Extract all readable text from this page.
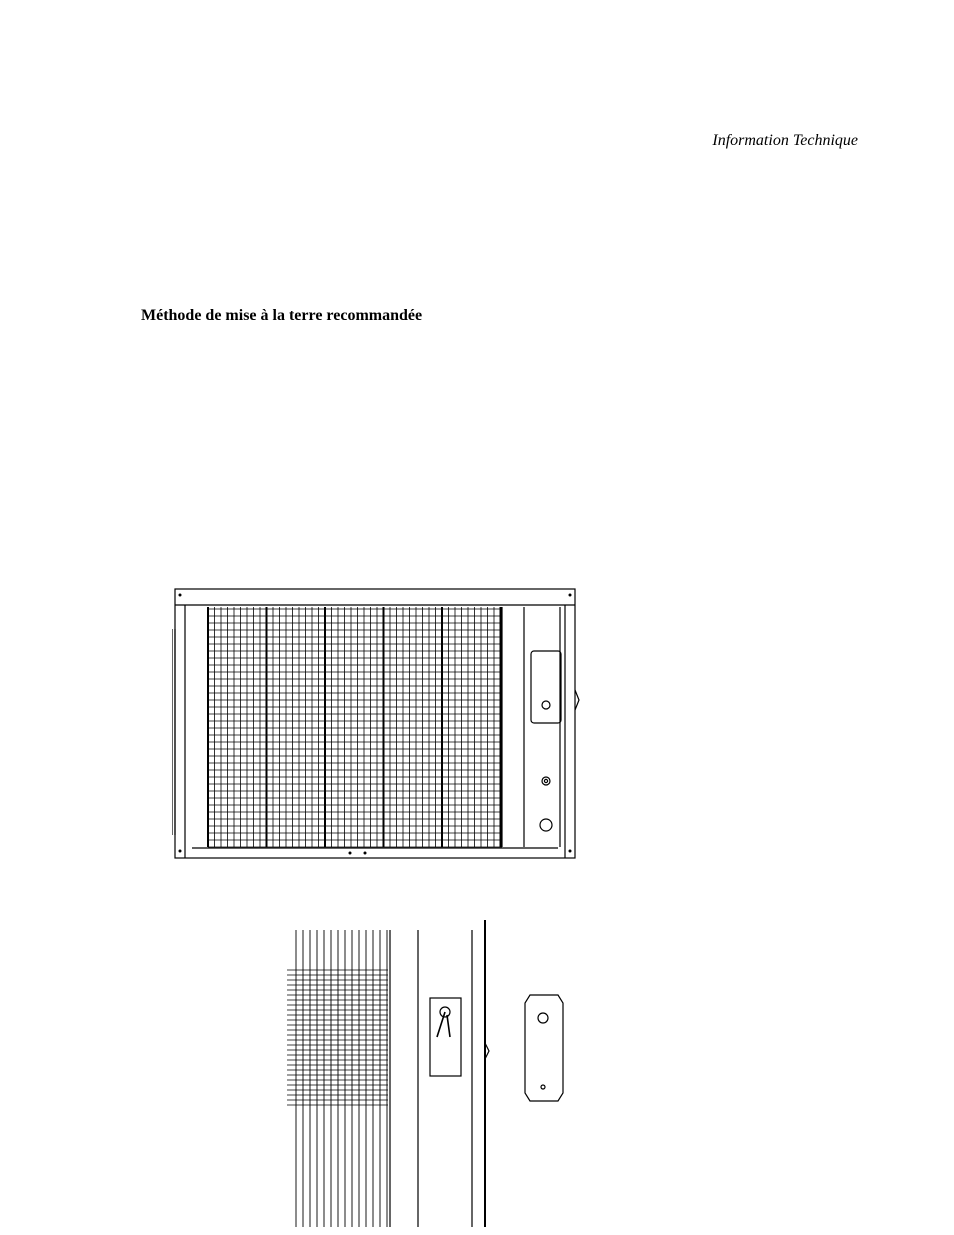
Information Technique
Méthode de mise à la terre recommandée
